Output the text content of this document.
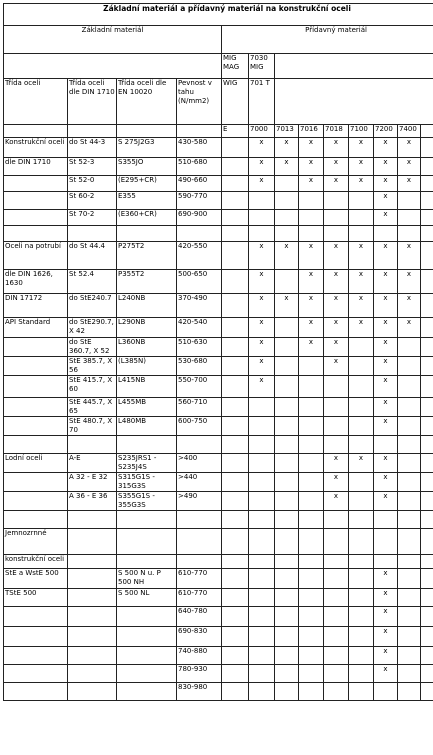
Základní materiál a přídavný materiál na konstrukční oceli												
Základní materiál				Přídavný materiál								
				MIG MAG	7030 MIG							
Třída oceli	Třída oceli dle DIN 1710	Třída oceli dle EN 10020	Pevnost v tahu (N/mm2)	WIG	701 T							
				E	7000	7013	7016	7018	7100	7200	7400	
Konstrukční oceli	do St 44-3	S 275J2G3	430-580		x	x	x	x	x	x	x	
dle DIN 1710	St 52-3	S355JO	510-680		x	x	x	x	x	x	x	
	St 52-0	(E295+CR)	490-660		x		x	x	x	x	x	
	St 60-2	E355	590-770							x		
	St 70-2	(E360+CR)	690-900							x		

Oceli na potrubí	do St 44.4	P275T2	420-550		x	x	x	x	x	x	x	
dle DIN 1626, 1630	St 52.4	P355T2	500-650		x		x	x	x	x	x	
DIN 17172	do StE240.7	L240NB	370-490		x	x	x	x	x	x	x	
API Standard	do StE290.7, X 42	L290NB	420-540		x		x	x	x	x	x	
	do StE 360.7, X 52	L360NB	510-630		x		x	x		x		
	StE 385.7, X 56	(L385N)	530-680		x			x		x		
	StE 415.7, X 60	L415NB	550-700		x					x		
	StE 445.7, X 65	L455MB	560-710							x		
	StE 480.7, X 70	L480MB	600-750							x		

Lodní oceli	A-E	S235JRS1 - S235J4S	>400					x	x	x		
	A 32 - E 32	S315G1S - 315G3S	>440					x		x		
	A 36 - E 36	S355G1S - 355G3S	>490					x		x		

Jemnozrnné												
konstrukční oceli												
StE a WstE 500		S 500 N u. P 500 NH	610-770							x		
TStE 500		S 500 NL	610-770							x		
			640-780							x		
			690-830							x		
			740-880							x		
			780-930							x		
			830-980									
